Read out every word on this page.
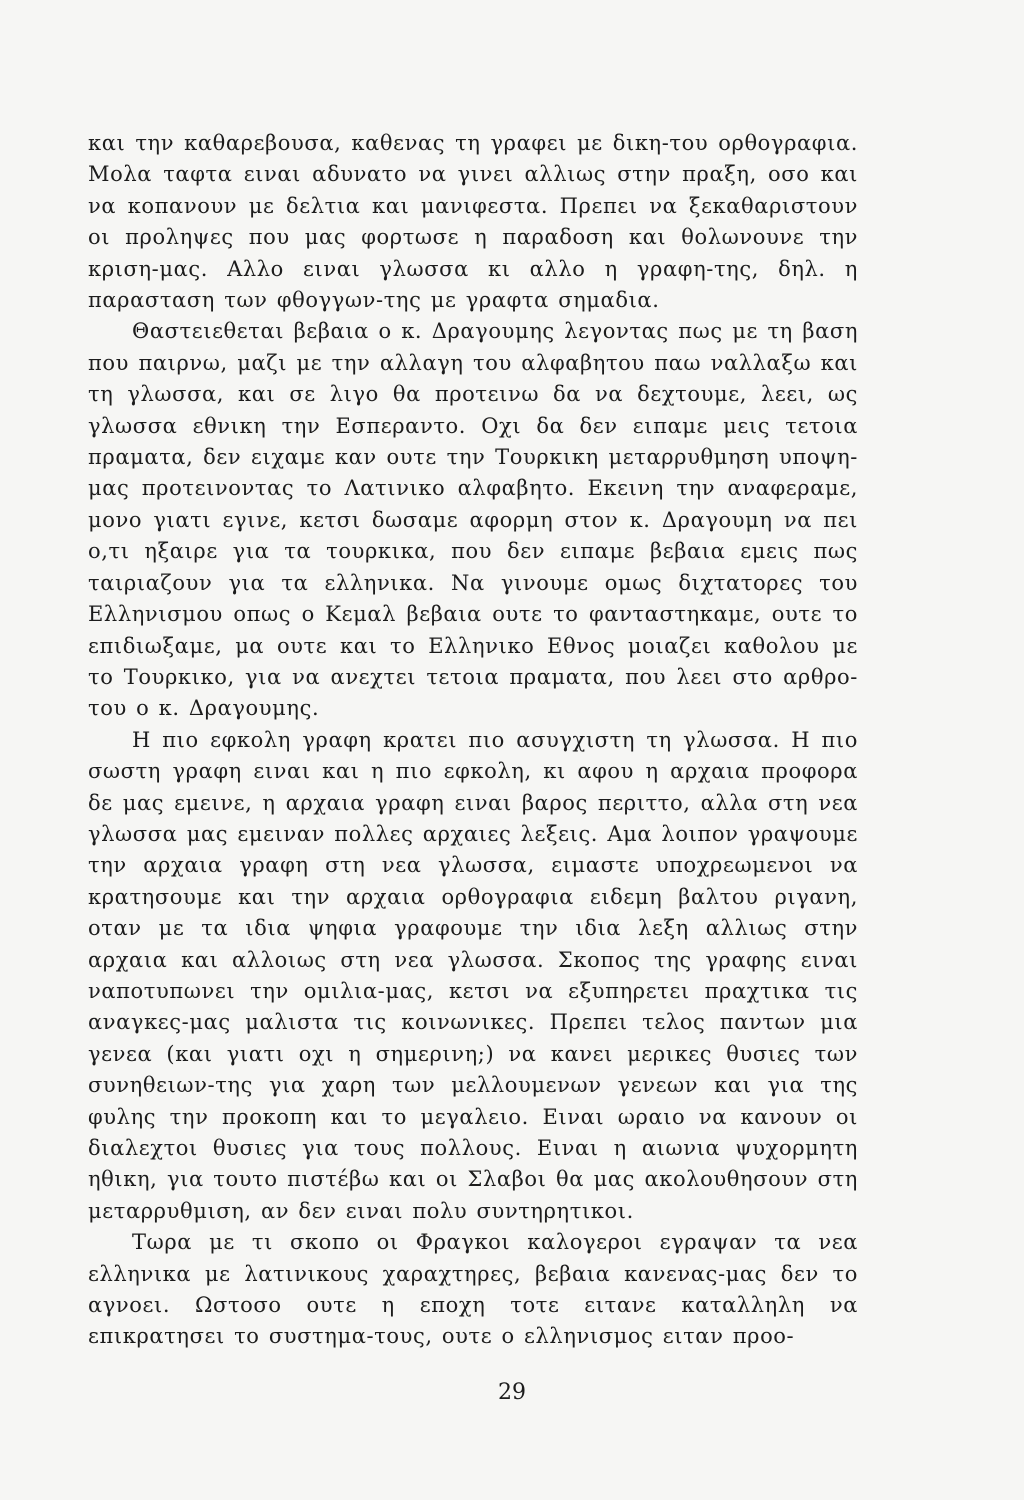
και την καθαρεβουσα, καθενας τη γραφει με δικη-του ορθογραφια. Μολα ταφτα ειναι αδυνατο να γινει αλλιως στην πραξη, οσο και να κοπανουν με δελτια και μανιφεστα. Πρεπει να ξεκαθαριστουν οι προληψες που μας φορτωσε η παραδοση και θολωνουνε την κριση-μας. Αλλο ειναι γλωσσα κι αλλο η γραφη-της, δηλ. η παρασταση των φθογγων-της με γραφτα σημαδια.

Θαστειεθεται βεβαια ο κ. Δραγουμης λεγοντας πως με τη βαση που παιρνω, μαζι με την αλλαγη του αλφαβητου παω ναλλαξω και τη γλωσσα, και σε λιγο θα προτεινω δα να δεχτουμε, λεει, ως γλωσσα εθνικη την Εσπεραντο. Οχι δα δεν ειπαμε μεις τετοια πραματα, δεν ειχαμε καν ουτε την Τουρκικη μεταρρυθμηση υποψη-μας προτεινοντας το Λατινικο αλφαβητο. Εκεινη την αναφεραμε, μονο γιατι εγινε, κετσι δωσαμε αφορμη στον κ. Δραγουμη να πει ο,τι ηξαιρε για τα τουρκικα, που δεν ειπαμε βεβαια εμεις πως ταιριαζουν για τα ελληνικα. Να γινουμε ομως διχτατορες του Ελληνισμου οπως ο Κεμαλ βεβαια ουτε το φανταστηκαμε, ουτε το επιδιωξαμε, μα ουτε και το Ελληνικο Εθνος μοιαζει καθολου με το Τουρκικο, για να ανεχτει τετοια πραματα, που λεει στο αρθρο-του ο κ. Δραγουμης.

Η πιο εφκολη γραφη κρατει πιο ασυγχιστη τη γλωσσα. Η πιο σωστη γραφη ειναι και η πιο εφκολη, κι αφου η αρχαια προφορα δε μας εμεινε, η αρχαια γραφη ειναι βαρος περιττο, αλλα στη νεα γλωσσα μας εμειναν πολλες αρχαιες λεξεις. Αμα λοιπον γραψουμε την αρχαια γραφη στη νεα γλωσσα, ειμαστε υποχρεωμενοι να κρατησουμε και την αρχαια ορθογραφια ειδεμη βαλτου ριγανη, οταν με τα ιδια ψηφια γραφουμε την ιδια λεξη αλλιως στην αρχαια και αλλοιως στη νεα γλωσσα. Σκοπος της γραφης ειναι ναποτυπωνει την ομιλια-μας, κετσι να εξυπηρετει πραχτικα τις αναγκες-μας μαλιστα τις κοινωνικες. Πρεπει τελος παντων μια γενεα (και γιατι οχι η σημερινη;) να κανει μερικες θυσιες των συνηθειων-της για χαρη των μελλουμενων γενεων και για της φυλης την προκοπη και το μεγαλειο. Ειναι ωραιο να κανουν οι διαλεχτοι θυσιες για τους πολλους. Ειναι η αιωνια ψυχορμητη ηθικη, για τουτο πιστέβω και οι Σλαβοι θα μας ακολουθησουν στη μεταρρυθμιση, αν δεν ειναι πολυ συντηρητικοι.

Τωρα με τι σκοπο οι Φραγκοι καλογεροι εγραψαν τα νεα ελληνικα με λατινικους χαραχτηρες, βεβαια κανενας-μας δεν το αγνοει. Ωστοσο ουτε η εποχη τοτε ειτανε καταλληλη να επικρατησει το συστημα-τους, ουτε ο ελληνισμος ειταν προο-

29
